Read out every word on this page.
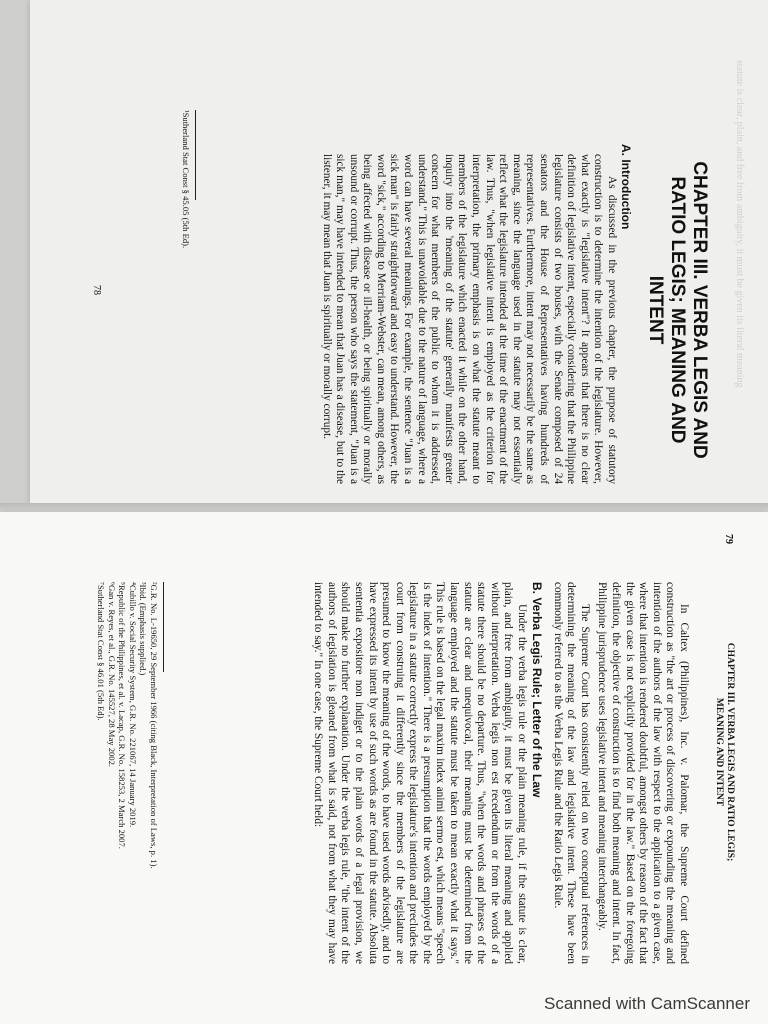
statute is clear, plain, and free from ambiguity, it must be given its literal meaning
CHAPTER III. VERBA LEGIS AND RATIO LEGIS; MEANING AND INTENT
A. Introduction

As discussed in the previous chapter, the purpose of statutory construction is to determine the intention of the legislature. However, what exactly is "legislative intent"? It appears that there is no clear definition of legislative intent, especially considering that the Philippine legislature consists of two houses, with the Senate composed of 24 senators and the House of Representatives having hundreds of representatives. Furthermore, intent may not necessarily be the same as meaning, since the language used in the statute may not essentially reflect what the legislature intended at the time of the enactment of the law. Thus, "when legislative intent is employed as the criterion for interpretation, the primary emphasis is on what the statute meant to members of the legislature which enacted it while on the other hand, inquiry into the 'meaning of the statute' generally manifests greater concern for what members of the public to whom it is addressed, understand." This is unavoidable due to the nature of language, where a word can have several meanings. For example, the sentence "Juan is a sick man" is fairly straightforward and easy to understand. However, the word "sick," according to Merriam-Webster, can mean, among others, as being affected with disease or ill-health, or being spiritually or morally unsound or corrupt. Thus, the person who says the statement, "Juan is a sick man," may have intended to mean that Juan has a disease, but to the listener, it may mean that Juan is spiritually or morally corrupt.

¹Sutherland Stat Const § 45.05 (5th Ed).

78
79
CHAPTER III. VERBA LEGIS AND RATIO LEGIS; MEANING AND INTENT

In Caltex (Philippines), Inc. v. Palomar, the Supreme Court defined construction as "the art or process of discovering or expounding the meaning and intention of the authors of the law with respect to the application to a given case, where that intention is rendered doubtful, amongst others by reason of the fact that the given case is not explicitly provided for in the law." Based on the foregoing definition, the objective of construction is to find both meaning and intent. In fact, Philippine jurisprudence uses legislative intent and meaning interchangeably.

The Supreme Court has consistently relied on two conceptual references in determining the meaning of the law and legislative intent. These have been commonly referred to as the Verba Legis Rule and the Ratio Legis Rule.

B. Verba Legis Rule; Letter of the Law

Under the verba legis rule or the plain meaning rule, if the statute is clear, plain, and free from ambiguity, it must be given its literal meaning and applied without interpretation. Verba legis non est recedendum or from the words of a statute there should be no departure. Thus, "when the words and phrases of the statute are clear and unequivocal, their meaning must be determined from the language employed and the statute must be taken to mean exactly what it says." This rule is based on the legal maxim index animi sermo est, which means "speech is the index of intention." There is a presumption that the words employed by the legislature in a statute correctly express the legislature's intention and precludes the court from construing it differently since the members of the legislature are presumed to know the meaning of the words, to have used words advisedly, and to have expressed its intent by use of such words as are found in the statute. Absoluta sententia expositore non indiget or to the plain words of a legal provision, we should make no further explanation. Under the verba legis rule, "the intent of the authors of legislation is gleaned from what is said, not from what they may have intended to say." In one case, the Supreme Court held:

²G.R. No. L-19650, 29 September 1966 (citing Black, Interpretation of Laws, p. 1).

³Ibid. (Emphasis supplied.)

⁴Cubillo v. Social Security System, G.R. No. 221067, 14 January 2019.

⁵Republic of the Philippines, et al. v. Lacap, G.R. No. 158253, 2 March 2007.

⁶Gan v. Reyes, et al., G.R. No. 145527, 28 May 2002.

⁷Sutherland Stat Const § 46.01 (5th Ed).

Scanned with CamScanner
